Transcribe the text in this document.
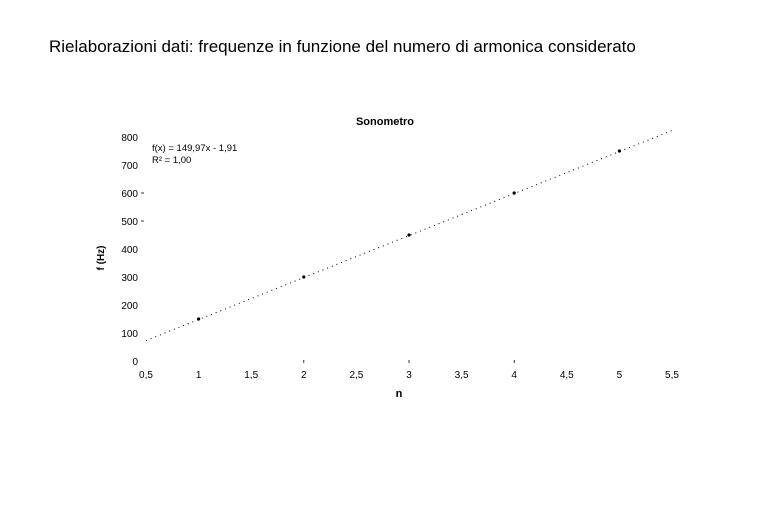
Rielaborazioni dati: frequenze in funzione del numero di armonica considerato
0
100
200
300
400
500
600
700
800
0,5	1	1,5	2	2,5	3	3,5	4	4,5	5	5,5
Sonometro
n
f (Hz)
f(x) = 149,97x - 1,91
R² = 1,00
